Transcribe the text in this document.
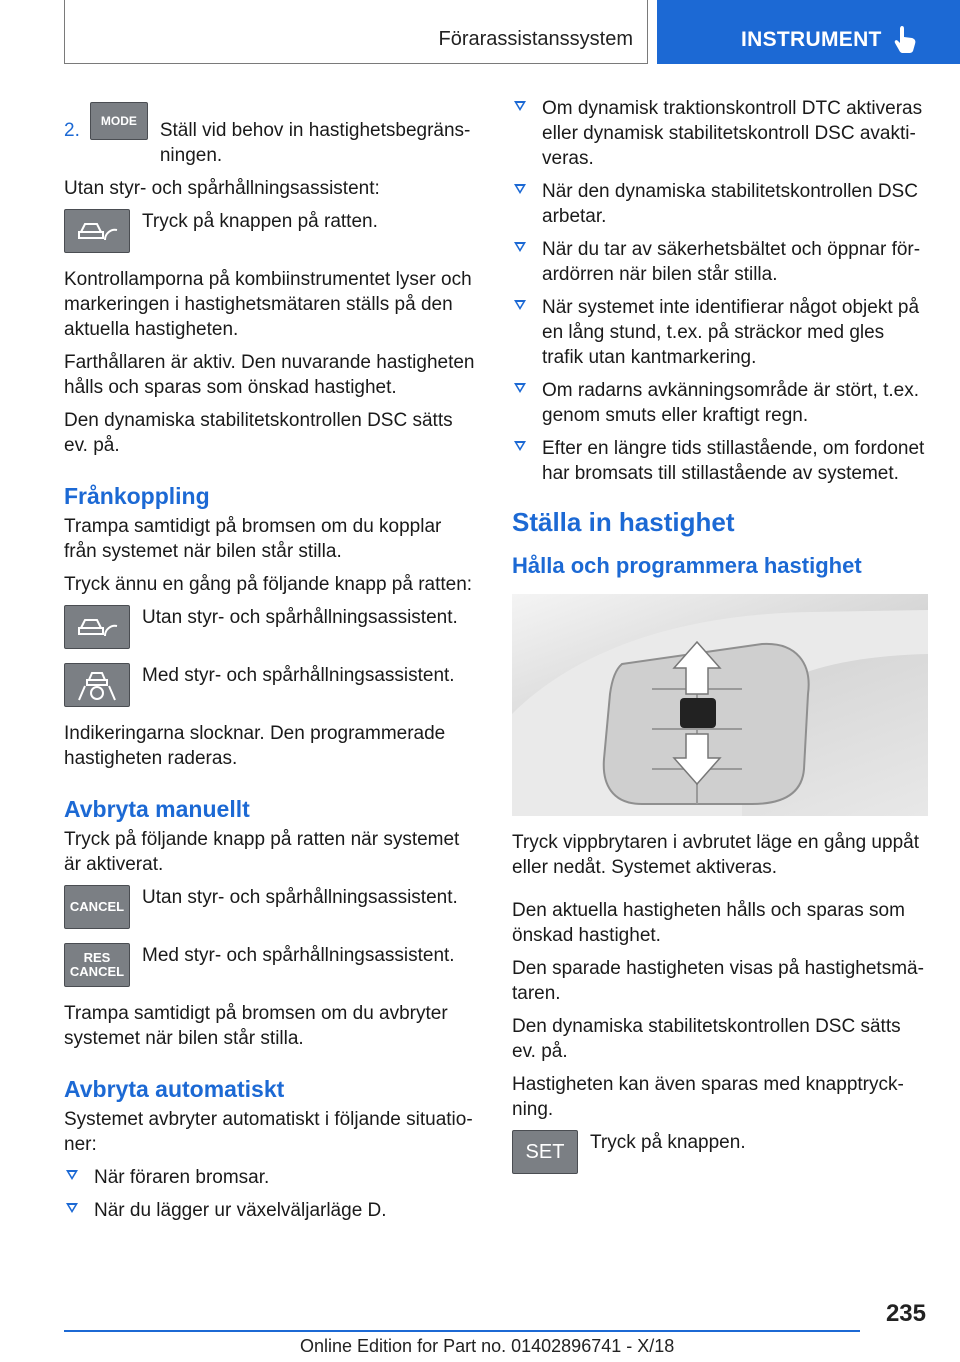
Förarassistanssystem	INSTRUMENT
2. MODE Ställ vid behov in hastighetsbegräns-ningen.

Utan styr- och spårhållningsassistent:

Tryck på knappen på ratten.

Kontrollamporna på kombiinstrumentet lyser och markeringen i hastighetsmätaren ställs på den aktuella hastigheten.

Farthållaren är aktiv. Den nuvarande hastigheten hålls och sparas som önskad hastighet.

Den dynamiska stabilitetskontrollen DSC sätts ev. på.

Frånkoppling

Trampa samtidigt på bromsen om du kopplar från systemet när bilen står stilla.

Tryck ännu en gång på följande knapp på ratten:

Utan styr- och spårhållningsassistent.
Med styr- och spårhållningsassistent.

Indikeringarna slocknar. Den programmerade hastigheten raderas.

Avbryta manuellt

Tryck på följande knapp på ratten när systemet är aktiverat.

CANCEL Utan styr- och spårhållningsassistent.
RES
CANCEL
Med styr- och spårhållningsassistent.

Trampa samtidigt på bromsen om du avbryter systemet när bilen står stilla.

Avbryta automatiskt

Systemet avbryter automatiskt i följande situatio-ner:

När föraren bromsar.
När du lägger ur växelväljarläge D.
Om dynamisk traktionskontroll DTC aktiveras eller dynamisk stabilitetskontroll DSC avakti-veras.
När den dynamiska stabilitetskontrollen DSC arbetar.
När du tar av säkerhetsbältet och öppnar för-ardörren när bilen står stilla.
När systemet inte identifierar något objekt på en lång stund, t.ex. på sträckor med gles trafik utan kantmarkering.
Om radarns avkänningsområde är stört, t.ex. genom smuts eller kraftigt regn.
Efter en längre tids stillastående, om fordonet har bromsats till stillastående av systemet.
Ställa in hastighet
Hålla och programmera hastighet

Tryck vippbrytaren i avbrutet läge en gång uppåt eller nedåt. Systemet aktiveras.

Den aktuella hastigheten hålls och sparas som önskad hastighet.

Den sparade hastigheten visas på hastighetsmä-taren.

Den dynamiska stabilitetskontrollen DSC sätts ev. på.

Hastigheten kan även sparas med knapptryck-ning.

SET Tryck på knappen.
235
Online Edition for Part no. 01402896741 - X/18
